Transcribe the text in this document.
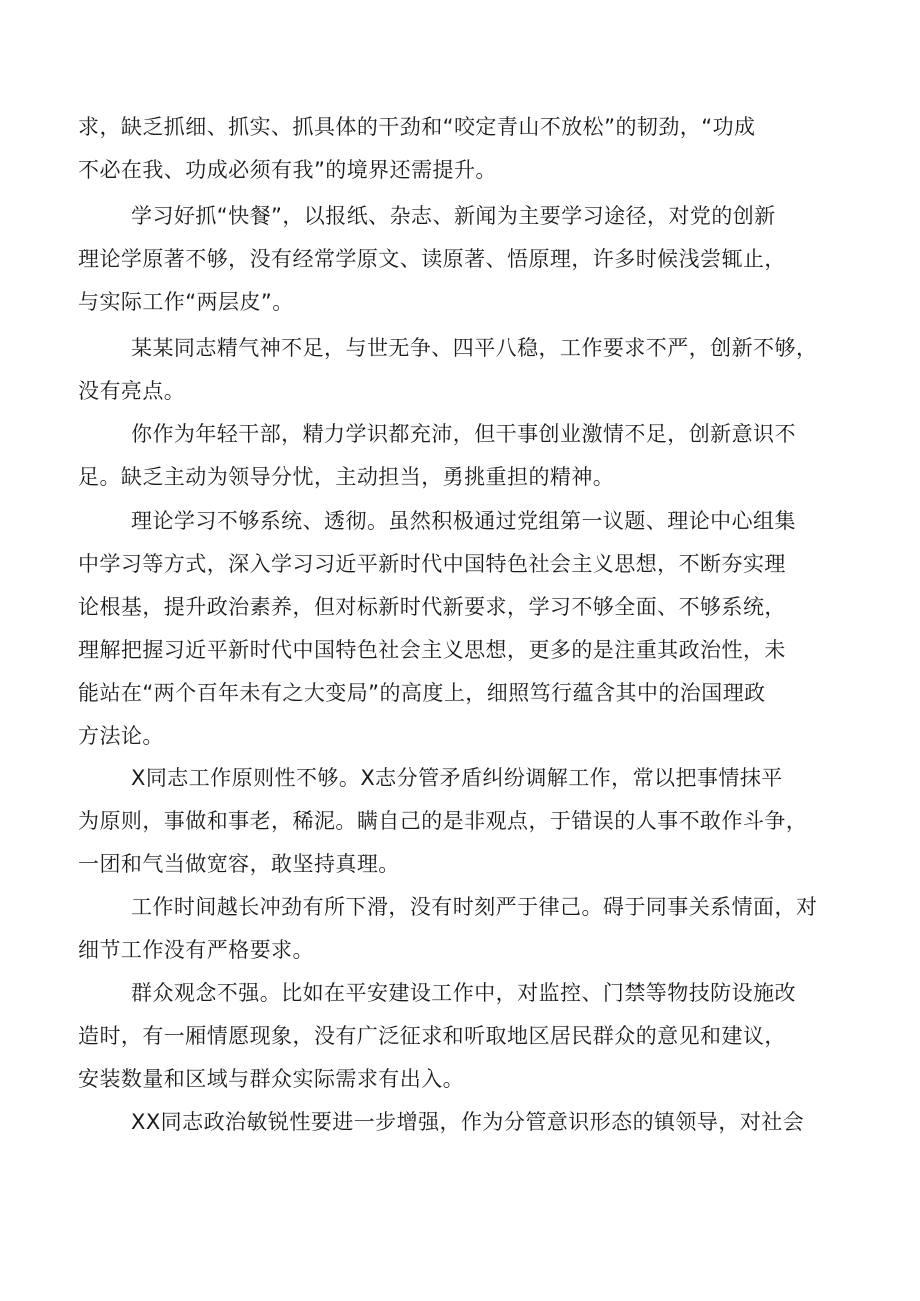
求，缺乏抓细、抓实、抓具体的干劲和“咬定青山不放松”的韧劲，“功成

不必在我、功成必须有我”的境界还需提升。

学习好抓“快餐”，以报纸、杂志、新闻为主要学习途径，对党的创新

理论学原著不够，没有经常学原文、读原著、悟原理，许多时候浅尝辄止，

与实际工作“两层皮”。

某某同志精气神不足，与世无争、四平八稳，工作要求不严，创新不够，

没有亮点。

你作为年轻干部，精力学识都充沛，但干事创业激情不足，创新意识不

足。缺乏主动为领导分忧，主动担当，勇挑重担的精神。

理论学习不够系统、透彻。虽然积极通过党组第一议题、理论中心组集

中学习等方式，深入学习习近平新时代中国特色社会主义思想，不断夯实理

论根基，提升政治素养，但对标新时代新要求，学习不够全面、不够系统，

理解把握习近平新时代中国特色社会主义思想，更多的是注重其政治性，未

能站在“两个百年未有之大变局”的高度上，细照笃行蕴含其中的治国理政

方法论。

X同志工作原则性不够。X志分管矛盾纠纷调解工作，常以把事情抹平

为原则，事做和事老，稀泥。瞒自己的是非观点，于错误的人事不敢作斗争，

一团和气当做宽容，敢坚持真理。

工作时间越长冲劲有所下滑，没有时刻严于律己。碍于同事关系情面，对

细节工作没有严格要求。

群众观念不强。比如在平安建设工作中，对监控、门禁等物技防设施改

造时，有一厢情愿现象，没有广泛征求和听取地区居民群众的意见和建议，

安装数量和区域与群众实际需求有出入。

XX同志政治敏锐性要进一步增强，作为分管意识形态的镇领导，对社会
